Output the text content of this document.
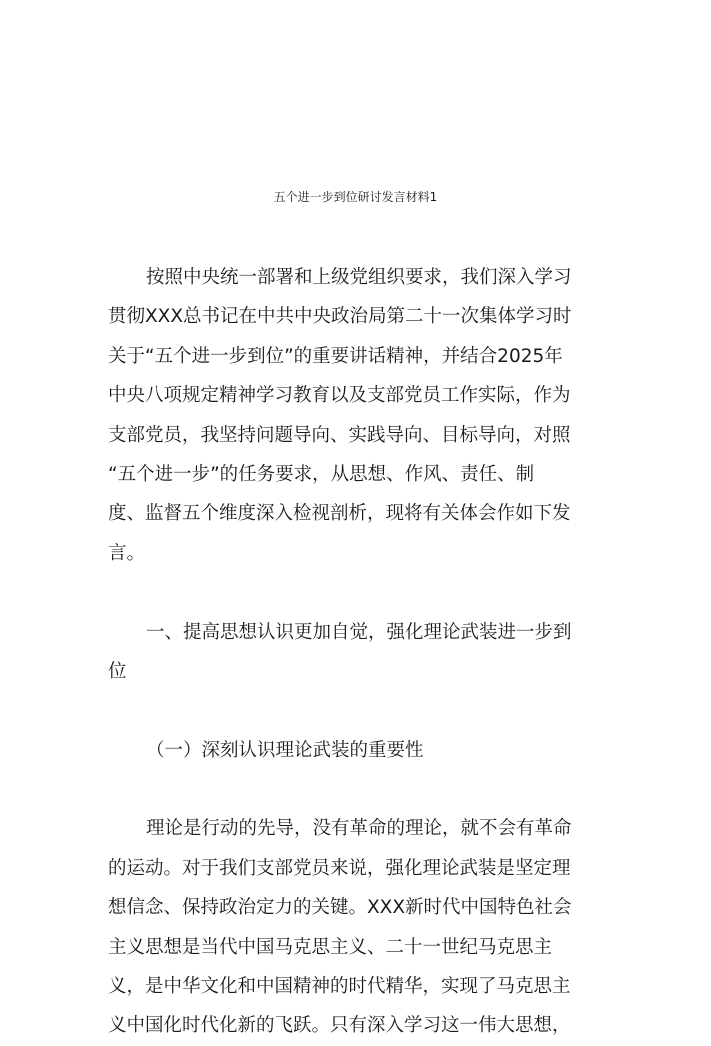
五个进一步到位研讨发言材料1

按照中央统一部署和上级党组织要求，我们深入学习

贯彻XXX总书记在中共中央政治局第二十一次集体学习时

关于“五个进一步到位”的重要讲话精神，并结合2025年

中央八项规定精神学习教育以及支部党员工作实际，作为

支部党员，我坚持问题导向、实践导向、目标导向，对照

“五个进一步”的任务要求，从思想、作风、责任、制

度、监督五个维度深入检视剖析，现将有关体会作如下发

言。

一、提高思想认识更加自觉，强化理论武装进一步到

位

（一）深刻认识理论武装的重要性

理论是行动的先导，没有革命的理论，就不会有革命

的运动。对于我们支部党员来说，强化理论武装是坚定理

想信念、保持政治定力的关键。XXX新时代中国特色社会

主义思想是当代中国马克思主义、二十一世纪马克思主

义，是中华文化和中国精神的时代精华，实现了马克思主

义中国化时代化新的飞跃。只有深入学习这一伟大思想，
